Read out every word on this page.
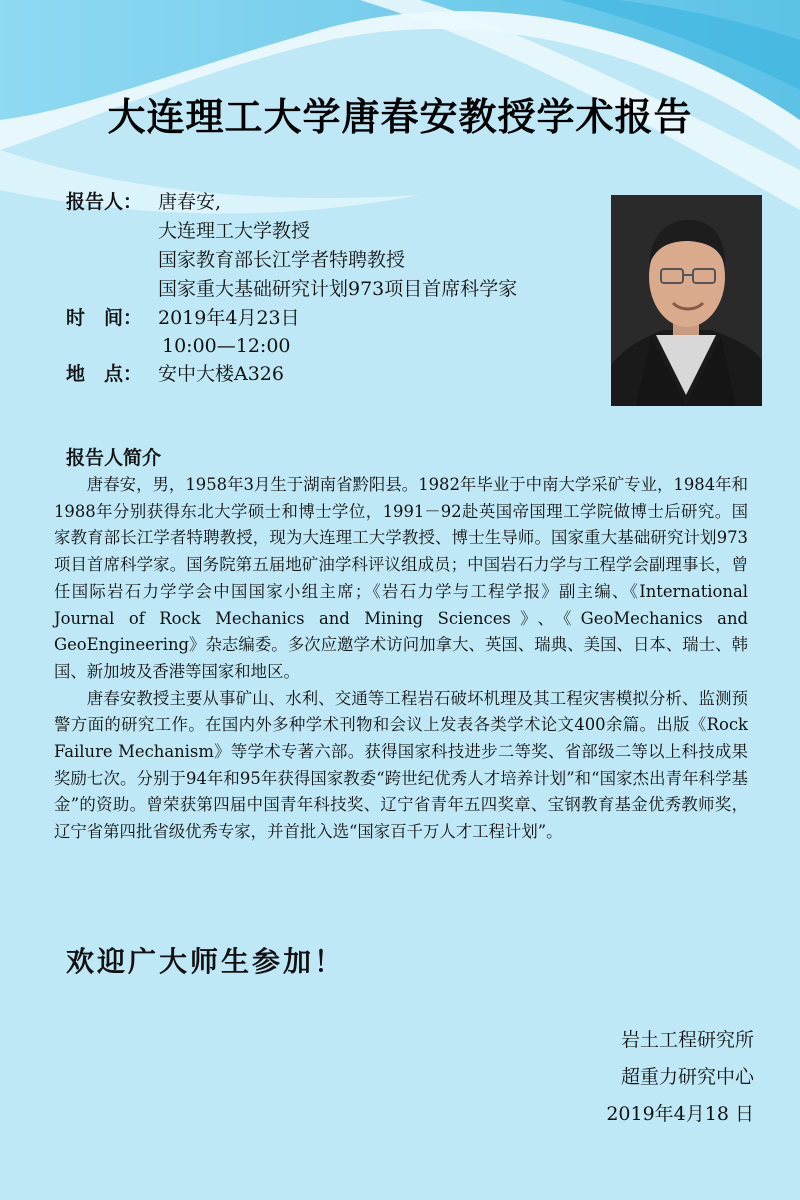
大连理工大学唐春安教授学术报告
报告人： 唐春安,
大连理工大学教授
国家教育部长江学者特聘教授
国家重大基础研究计划973项目首席科学家
时　间： 2019年4月23日
10:00—12:00
地　点： 安中大楼A326
报告人简介

唐春安，男，1958年3月生于湖南省黔阳县。1982年毕业于中南大学采矿专业，1984年和1988年分别获得东北大学硕士和博士学位，1991－92赴英国帝国理工学院做博士后研究。国家教育部长江学者特聘教授，现为大连理工大学教授、博士生导师。国家重大基础研究计划973项目首席科学家。国务院第五届地矿油学科评议组成员；中国岩石力学与工程学会副理事长，曾任国际岩石力学学会中国国家小组主席；《岩石力学与工程学报》副主编、《International Journal of Rock Mechanics and Mining Sciences》、《GeoMechanics and GeoEngineering》杂志编委。多次应邀学术访问加拿大、英国、瑞典、美国、日本、瑞士、韩国、新加坡及香港等国家和地区。

唐春安教授主要从事矿山、水利、交通等工程岩石破坏机理及其工程灾害模拟分析、监测预警方面的研究工作。在国内外多种学术刊物和会议上发表各类学术论文400余篇。出版《Rock Failure Mechanism》等学术专著六部。获得国家科技进步二等奖、省部级二等以上科技成果奖励七次。分别于94年和95年获得国家教委“跨世纪优秀人才培养计划”和“国家杰出青年科学基金”的资助。曾荣获第四届中国青年科技奖、辽宁省青年五四奖章、宝钢教育基金优秀教师奖，辽宁省第四批省级优秀专家，并首批入选“国家百千万人才工程计划”。

欢迎广大师生参加！
岩土工程研究所
超重力研究中心
2019年4月18 日
